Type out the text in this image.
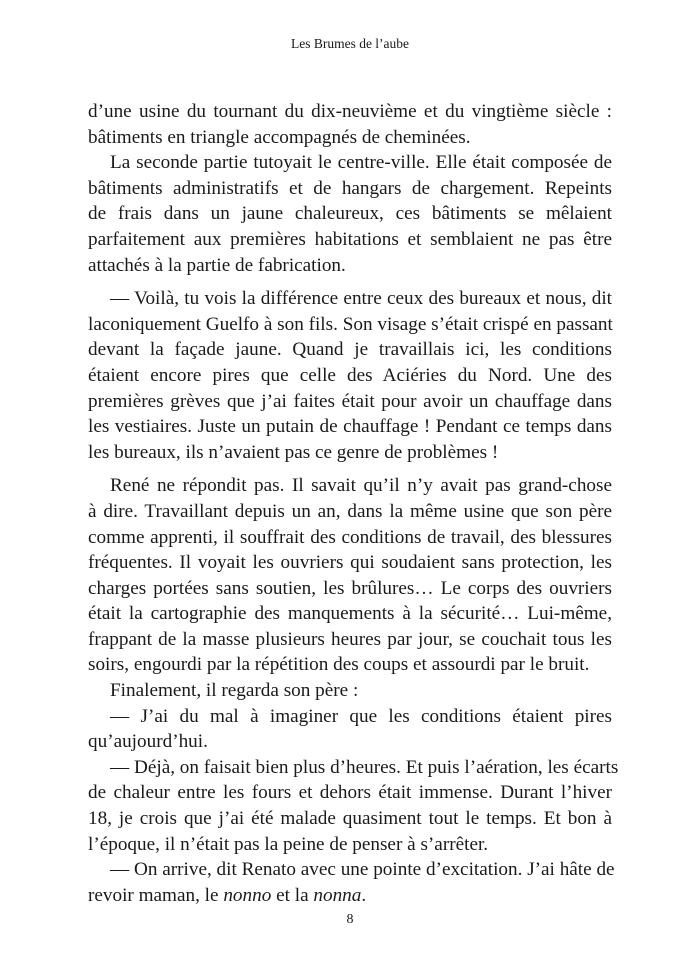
Les Brumes de l’aube
d’une usine du tournant du dix-neuvième et du vingtième siècle :
bâtiments en triangle accompagnés de cheminées.
La seconde partie tutoyait le centre-ville. Elle était composée de
bâtiments administratifs et de hangars de chargement. Repeints
de frais dans un jaune chaleureux, ces bâtiments se mêlaient
parfaitement aux premières habitations et semblaient ne pas être
attachés à la partie de fabrication.
— Voilà, tu vois la différence entre ceux des bureaux et nous, dit
laconiquement Guelfo à son fils. Son visage s’était crispé en passant
devant la façade jaune. Quand je travaillais ici, les conditions
étaient encore pires que celle des Aciéries du Nord. Une des
premières grèves que j’ai faites était pour avoir un chauffage dans
les vestiaires. Juste un putain de chauffage ! Pendant ce temps dans
les bureaux, ils n’avaient pas ce genre de problèmes !
René ne répondit pas. Il savait qu’il n’y avait pas grand-chose
à dire. Travaillant depuis un an, dans la même usine que son père
comme apprenti, il souffrait des conditions de travail, des blessures
fréquentes. Il voyait les ouvriers qui soudaient sans protection, les
charges portées sans soutien, les brûlures… Le corps des ouvriers
était la cartographie des manquements à la sécurité… Lui-même,
frappant de la masse plusieurs heures par jour, se couchait tous les
soirs, engourdi par la répétition des coups et assourdi par le bruit.
Finalement, il regarda son père :
— J’ai du mal à imaginer que les conditions étaient pires
qu’aujourd’hui.
— Déjà, on faisait bien plus d’heures. Et puis l’aération, les écarts
de chaleur entre les fours et dehors était immense. Durant l’hiver
18, je crois que j’ai été malade quasiment tout le temps. Et bon à
l’époque, il n’était pas la peine de penser à s’arrêter.
— On arrive, dit Renato avec une pointe d’excitation. J’ai hâte de
revoir maman, le nonno et la nonna.
8
